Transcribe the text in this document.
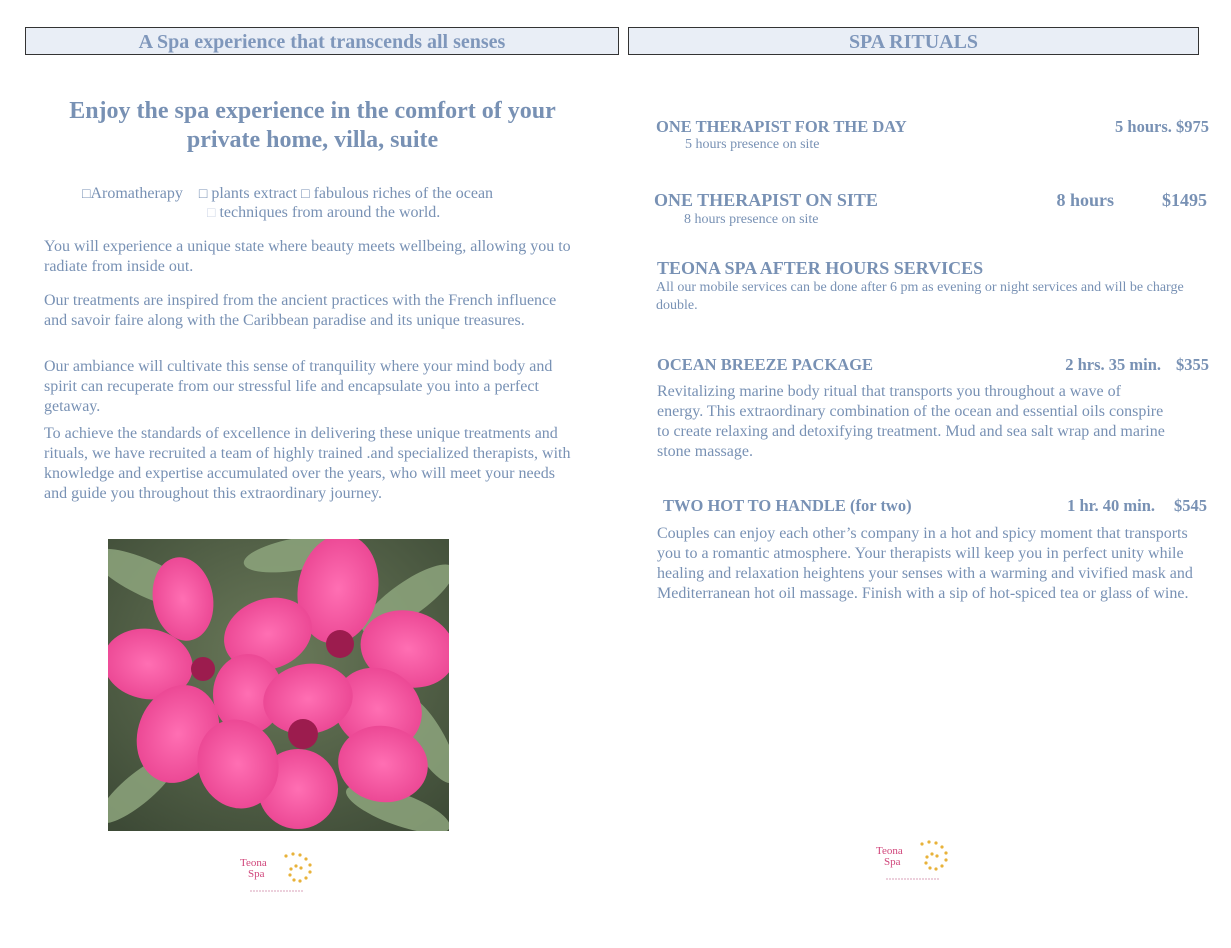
A Spa experience that transcends all senses
Enjoy the spa experience in the comfort of your
private home, villa, suite
□Aromatherapy □ plants extract □ fabulous riches of the ocean
□ techniques from around the world.
You will experience a unique state where beauty meets wellbeing, allowing you to radiate from inside out.
Our treatments are inspired from the ancient practices with the French influence and savoir faire along with the Caribbean paradise and its unique treasures.
Our ambiance will cultivate this sense of tranquility where your mind body and spirit can recuperate from our stressful life and encapsulate you into a perfect getaway.
To achieve the standards of excellence in delivering these unique treatments and rituals, we have recruited a team of highly trained .and specialized therapists, with knowledge and expertise accumulated over the years, who will meet your needs and guide you throughout this extraordinary journey.
Teona
Spa
SPA RITUALS
ONE THERAPIST FOR THE DAY	5 hours. $975
5 hours presence on site
ONE THERAPIST ON SITE	8 hours	$1495
8 hours presence on site
TEONA SPA AFTER HOURS SERVICES
All our mobile services can be done after 6 pm as evening or night services and will be charge double.
OCEAN BREEZE PACKAGE	2 hrs. 35 min. $355
Revitalizing marine body ritual that transports you throughout a wave of energy. This extraordinary combination of the ocean and essential oils conspire to create relaxing and detoxifying treatment. Mud and sea salt wrap and marine stone massage.
TWO HOT TO HANDLE (for two)	1 hr. 40 min. $545
Couples can enjoy each other’s company in a hot and spicy moment that transports you to a romantic atmosphere. Your therapists will keep you in perfect unity while healing and relaxation heightens your senses with a warming and vivified mask and Mediterranean hot oil massage. Finish with a sip of hot-spiced tea or glass of wine.
Teona
Spa
